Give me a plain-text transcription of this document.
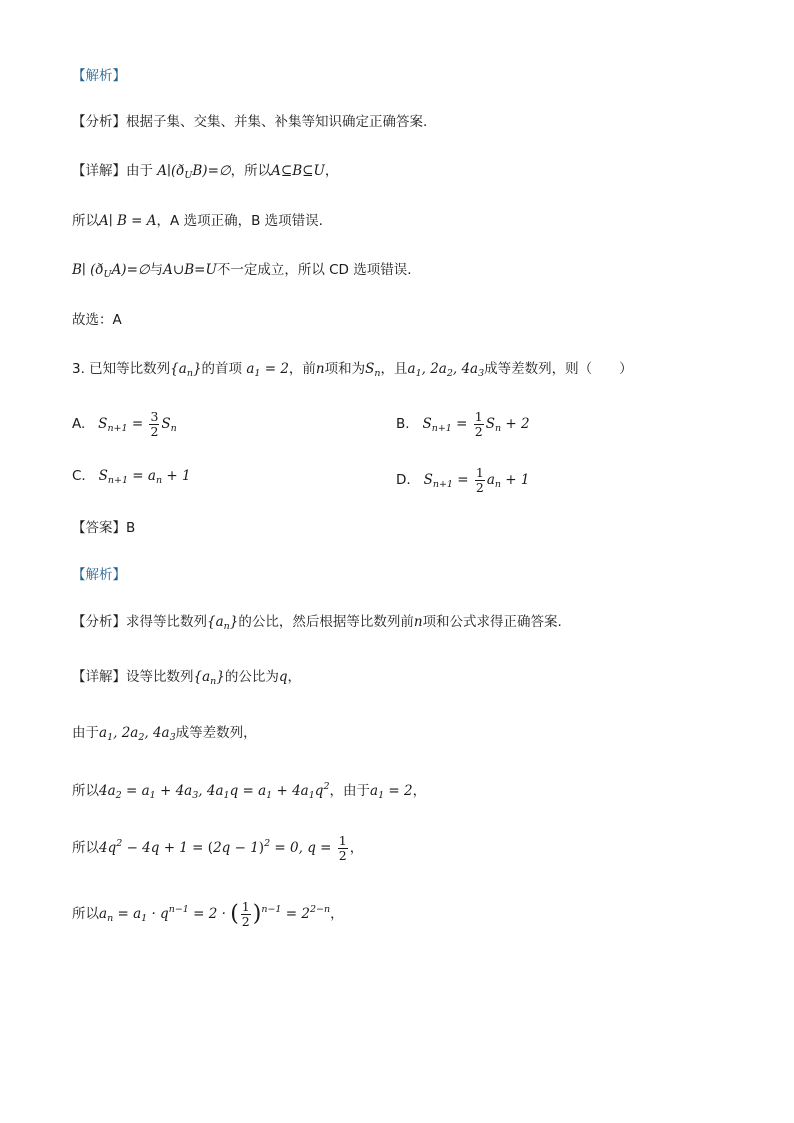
【解析】
【分析】根据子集、交集、并集、补集等知识确定正确答案.
【详解】由于 $A∣(ð_UB)=\emptyset$，所以A⊆B⊆U，
所以A∣ B = A，A 选项正确，B 选项错误.
B∣ $(ð_UA)=\emptyset$与A∪B=U不一定成立，所以 CD 选项错误.
故选：A
3. 已知等比数列$\{a_n\}$的首项 $a_1 = 2$，前n项和为$S_n$，且$a_1$, $2a_2$, $4a_3$成等差数列，则（　　）
A.   $S_{n+1} = \frac{3}{2} S_n$	B.   $S_{n+1} = \frac{1}{2} S_n + 2$
C.   $S_{n+1} = a_n + 1$	D.   $S_{n+1} = \frac{1}{2} a_n + 1$
【答案】B
【解析】
【分析】求得等比数列$\{a_n\}$的公比，然后根据等比数列前n项和公式求得正确答案.
【详解】设等比数列$\{a_n\}$的公比为q，
由于$a_1$, $2a_2$, $4a_3$成等差数列，
所以$4a_2 = a_1 + 4a_3$, $4a_1q = a_1 + 4a_1q^2$，由于$a_1 = 2$，
所以$4q^2 - 4q + 1 = (2q - 1)^2 = 0$, $q = \frac{1}{2}$ ，
所以$a_n = a_1 \cdot q^{n-1} = 2$ · ( $\frac{1}{2} )^{n-1} = 2^{2-n}$，
